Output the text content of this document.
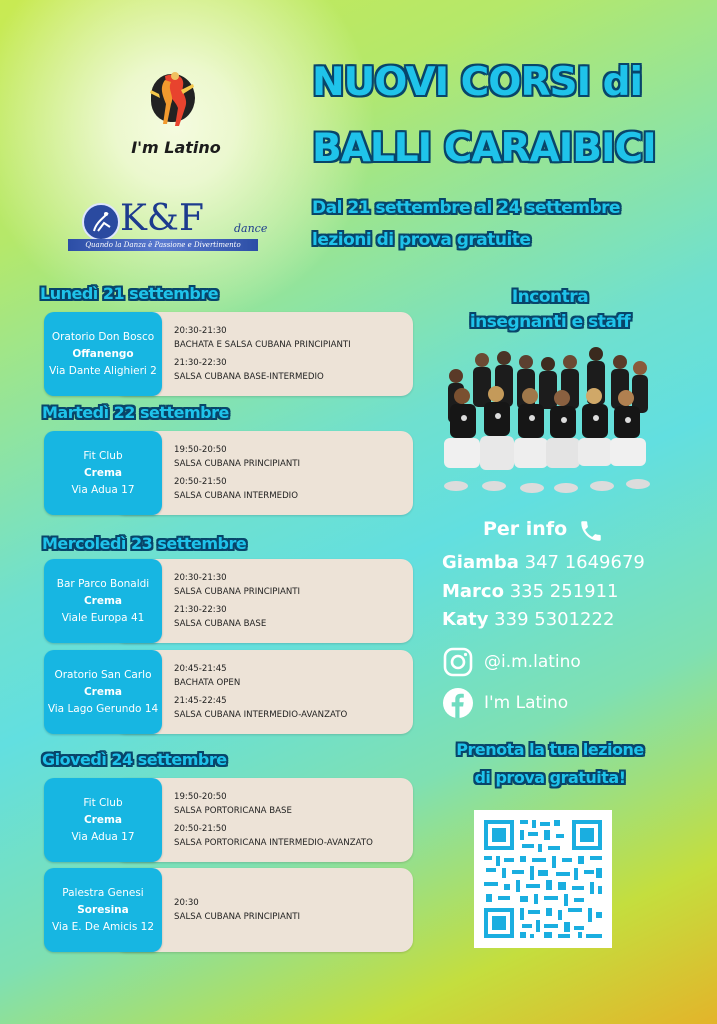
I'm Latino
K&F	dance
Quando la Danza è Passione e Divertimento
NUOVI CORSI di
BALLI CARAIBICI
Dal 21 settembre al 24 settembre
lezioni di prova gratuite
Lunedì 21 settembre
Martedì 22 settembre
Mercoledì 23 settembre
Giovedì 24 settembre
Oratorio Don Bosco
Offanengo
Via Dante Alighieri 2
20:30-21:30
BACHATA E SALSA CUBANA PRINCIPIANTI
21:30-22:30
SALSA CUBANA BASE-INTERMEDIO
Fit Club
Crema
Via Adua 17
19:50-20:50
SALSA CUBANA PRINCIPIANTI
20:50-21:50
SALSA CUBANA INTERMEDIO
Bar Parco Bonaldi
Crema
Viale Europa 41
20:30-21:30
SALSA CUBANA PRINCIPIANTI
21:30-22:30
SALSA CUBANA BASE
Oratorio San Carlo
Crema
Via Lago Gerundo 14
20:45-21:45
BACHATA OPEN
21:45-22:45
SALSA CUBANA INTERMEDIO-AVANZATO
Fit Club
Crema
Via Adua 17
19:50-20:50
SALSA PORTORICANA BASE
20:50-21:50
SALSA PORTORICANA INTERMEDIO-AVANZATO
Palestra Genesi
Soresina
Via E. De Amicis 12
20:30
SALSA CUBANA PRINCIPIANTI
Incontra
insegnanti e staff
Per info
Giamba 347 1649679
Marco 335 251911
Katy 339 5301222
@i.m.latino
I'm Latino
Prenota la tua lezione
di prova gratuita!
